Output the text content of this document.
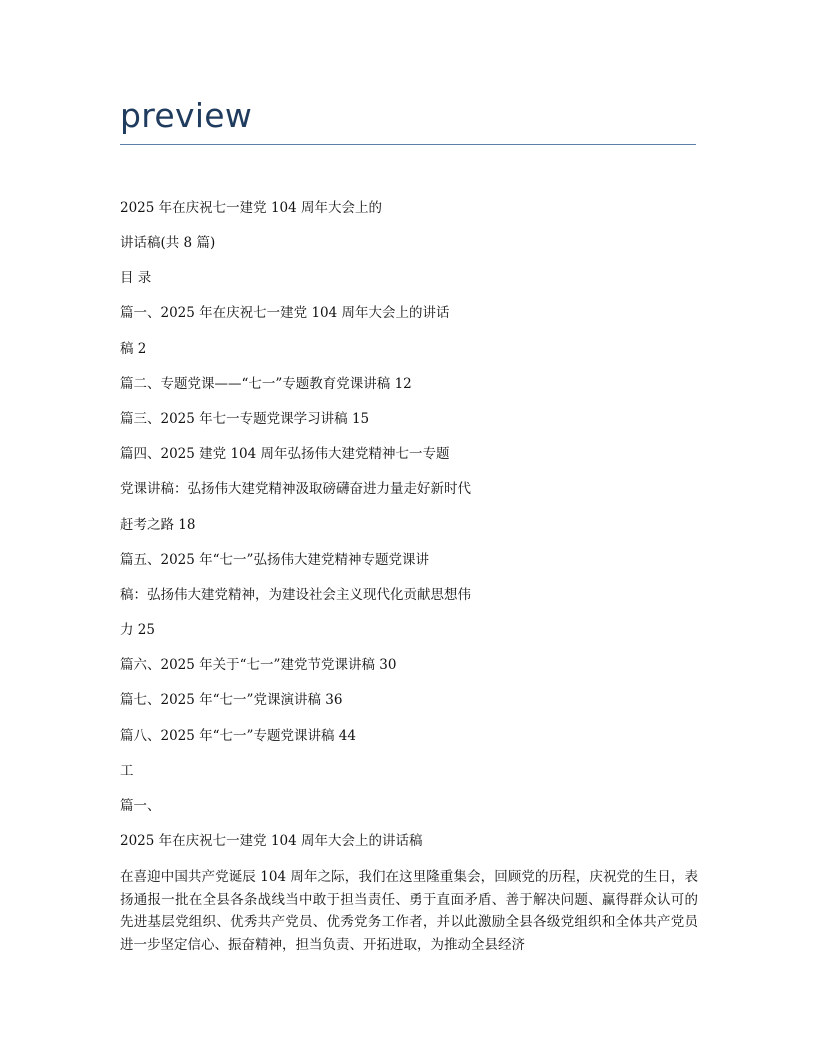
preview
2025 年在庆祝七一建党 104 周年大会上的
讲话稿(共 8 篇)
目 录
篇一、2025 年在庆祝七一建党 104 周年大会上的讲话
稿 2
篇二、专题党课——“七一”专题教育党课讲稿 12
篇三、2025 年七一专题党课学习讲稿 15
篇四、2025 建党 104 周年弘扬伟大建党精神七一专题
党课讲稿：弘扬伟大建党精神汲取磅礴奋进力量走好新时代
赶考之路 18
篇五、2025 年“七一”弘扬伟大建党精神专题党课讲
稿：弘扬伟大建党精神，为建设社会主义现代化贡献思想伟
力 25
篇六、2025 年关于“七一”建党节党课讲稿 30
篇七、2025 年“七一”党课演讲稿 36
篇八、2025 年“七一”专题党课讲稿 44
工
篇一、
2025 年在庆祝七一建党 104 周年大会上的讲话稿
在喜迎中国共产党诞辰 104 周年之际，我们在这里隆重集会，回顾党的历程，庆祝党的生日，表扬通报一批在全县各条战线当中敢于担当责任、勇于直面矛盾、善于解决问题、赢得群众认可的先进基层党组织、优秀共产党员、优秀党务工作者，并以此激励全县各级党组织和全体共产党员进一步坚定信心、振奋精神，担当负责、开拓进取，为推动全县经济
